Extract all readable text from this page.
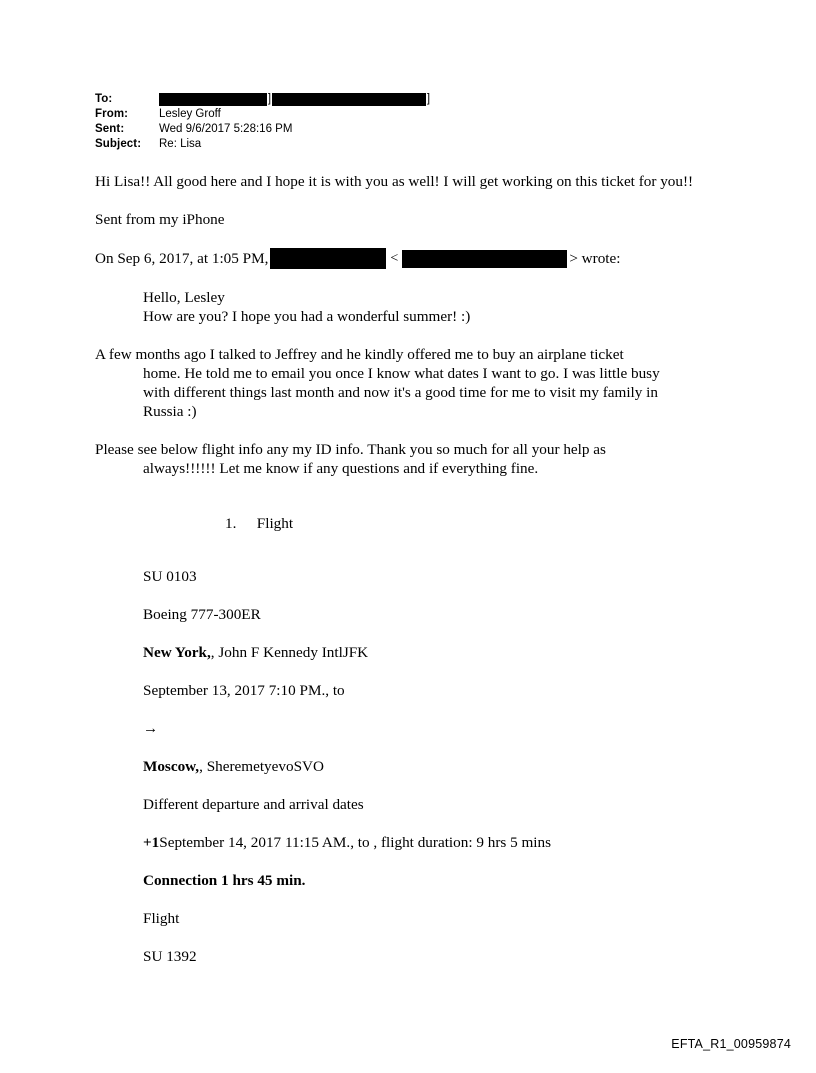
To:	]	]
From:	Lesley Groff
Sent:	Wed 9/6/2017 5:28:16 PM
Subject:	Re: Lisa

Hi Lisa!! All good here and I hope it is with you as well! I will get working on this ticket for you!!

Sent from my iPhone

On Sep 6, 2017, at 1:05 PM,	<	> wrote:

Hello, Lesley

How are you? I hope you had a wonderful summer! :)

A few months ago I talked to Jeffrey and he kindly offered me to buy an airplane ticket
home. He told me to email you once I know what dates I want to go. I was little busy with different things last month and now it's a good time for me to visit my family in Russia :)

Please see below flight info any my ID info. Thank you so much for all your help as
always!!!!!! Let me know if any questions and if everything fine.

1. Flight

SU 0103

Boeing 777-300ER

New York,, John F Kennedy IntlJFK

September 13, 2017 7:10 PM., to

→

Moscow,, SheremetyevoSVO

Different departure and arrival dates

+1September 14, 2017 11:15 AM., to , flight duration: 9 hrs 5 mins

Connection 1 hrs 45 min.

Flight

SU 1392

EFTA_R1_00959874
